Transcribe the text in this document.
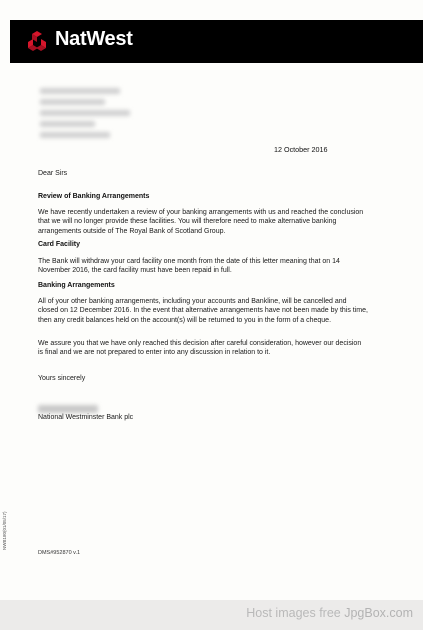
NatWest
12 October 2016
Dear Sirs
Review of Banking Arrangements
We have recently undertaken a review of your banking arrangements with us and reached the conclusion that we will no longer provide these facilities. You will therefore need to make alternative banking arrangements outside of The Royal Bank of Scotland Group.
Card Facility
The Bank will withdraw your card facility one month from the date of this letter meaning that on 14 November 2016, the card facility must have been repaid in full.
Banking Arrangements
All of your other banking arrangements, including your accounts and Bankline, will be cancelled and closed on 12 December 2016. In the event that alternative arrangements have not been made by this time, then any credit balances held on the account(s) will be returned to you in the form of a cheque.
We assure you that we have only reached this decision after careful consideration, however our decision is final and we are not prepared to enter into any discussion in relation to it.
Yours sincerely
National Westminster Bank plc
NWB180(01/05/17)
DMS#952870 v.1
Host images free JpgBox.com
